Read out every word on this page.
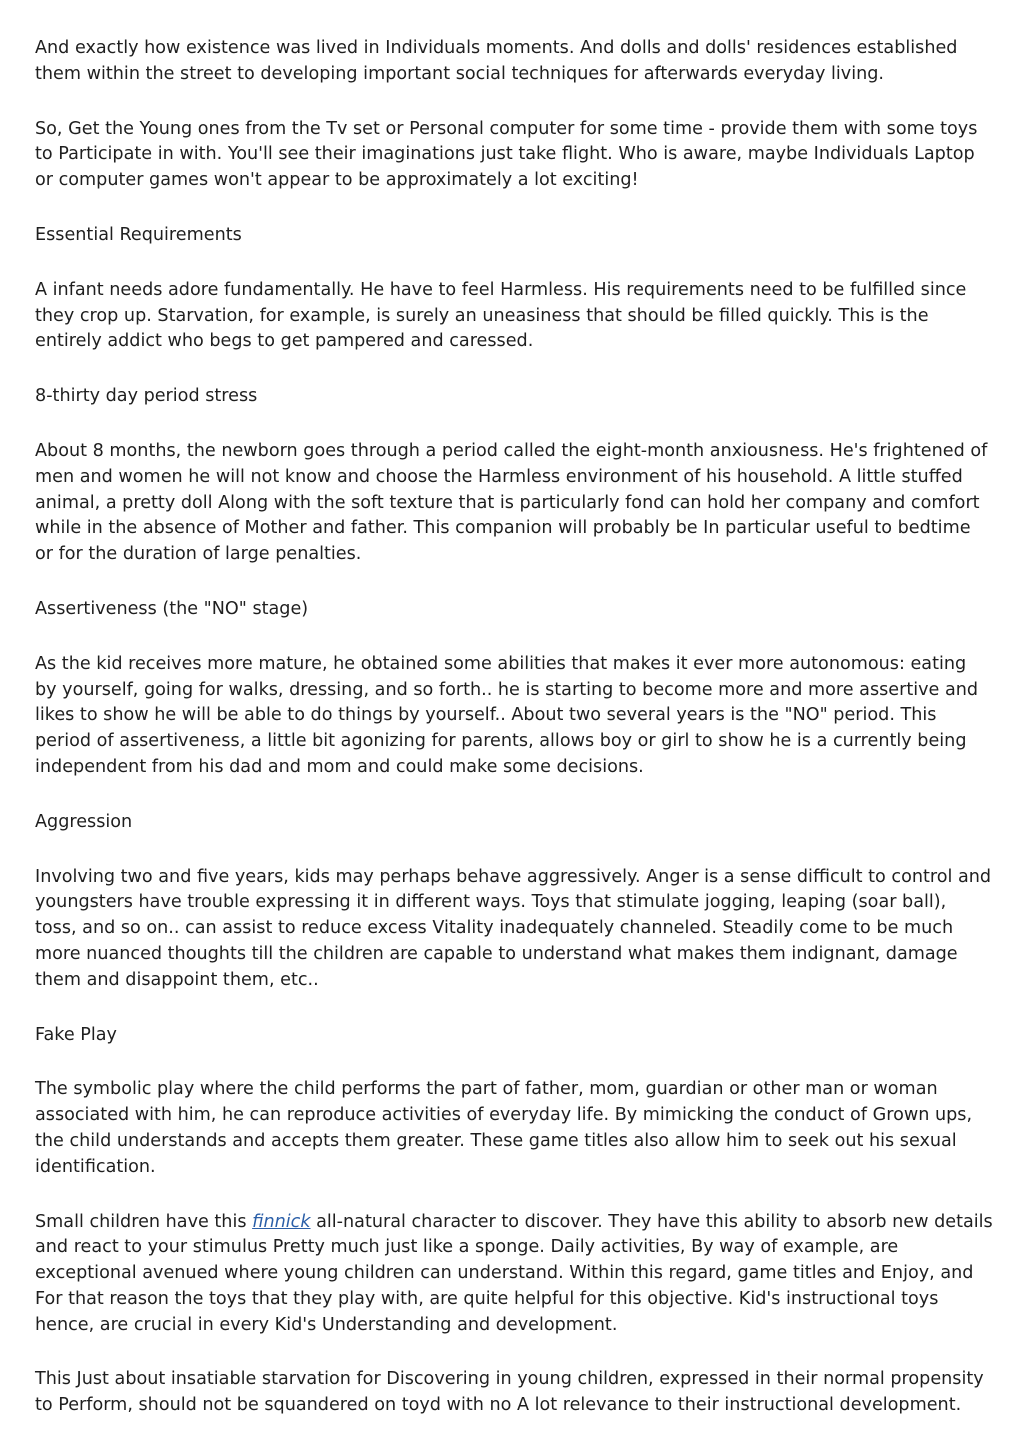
And exactly how existence was lived in Individuals moments. And dolls and dolls' residences established them within the street to developing important social techniques for afterwards everyday living.

So, Get the Young ones from the Tv set or Personal computer for some time - provide them with some toys to Participate in with. You'll see their imaginations just take flight. Who is aware, maybe Individuals Laptop or computer games won't appear to be approximately a lot exciting!

Essential Requirements

A infant needs adore fundamentally. He have to feel Harmless. His requirements need to be fulfilled since they crop up. Starvation, for example, is surely an uneasiness that should be filled quickly. This is the entirely addict who begs to get pampered and caressed.

8-thirty day period stress

About 8 months, the newborn goes through a period called the eight-month anxiousness. He's frightened of men and women he will not know and choose the Harmless environment of his household. A little stuffed animal, a pretty doll Along with the soft texture that is particularly fond can hold her company and comfort while in the absence of Mother and father. This companion will probably be In particular useful to bedtime or for the duration of large penalties.

Assertiveness (the "NO" stage)

As the kid receives more mature, he obtained some abilities that makes it ever more autonomous: eating by yourself, going for walks, dressing, and so forth.. he is starting to become more and more assertive and likes to show he will be able to do things by yourself.. About two several years is the "NO" period. This period of assertiveness, a little bit agonizing for parents, allows boy or girl to show he is a currently being independent from his dad and mom and could make some decisions.

Aggression

Involving two and five years, kids may perhaps behave aggressively. Anger is a sense difficult to control and youngsters have trouble expressing it in different ways. Toys that stimulate jogging, leaping (soar ball), toss, and so on.. can assist to reduce excess Vitality inadequately channeled. Steadily come to be much more nuanced thoughts till the children are capable to understand what makes them indignant, damage them and disappoint them, etc..

Fake Play

The symbolic play where the child performs the part of father, mom, guardian or other man or woman associated with him, he can reproduce activities of everyday life. By mimicking the conduct of Grown ups, the child understands and accepts them greater. These game titles also allow him to seek out his sexual identification.

Small children have this finnick all-natural character to discover. They have this ability to absorb new details and react to your stimulus Pretty much just like a sponge. Daily activities, By way of example, are exceptional avenued where young children can understand. Within this regard, game titles and Enjoy, and For that reason the toys that they play with, are quite helpful for this objective. Kid's instructional toys hence, are crucial in every Kid's Understanding and development.

This Just about insatiable starvation for Discovering in young children, expressed in their normal propensity to Perform, should not be squandered on toyd with no A lot relevance to their instructional development.
